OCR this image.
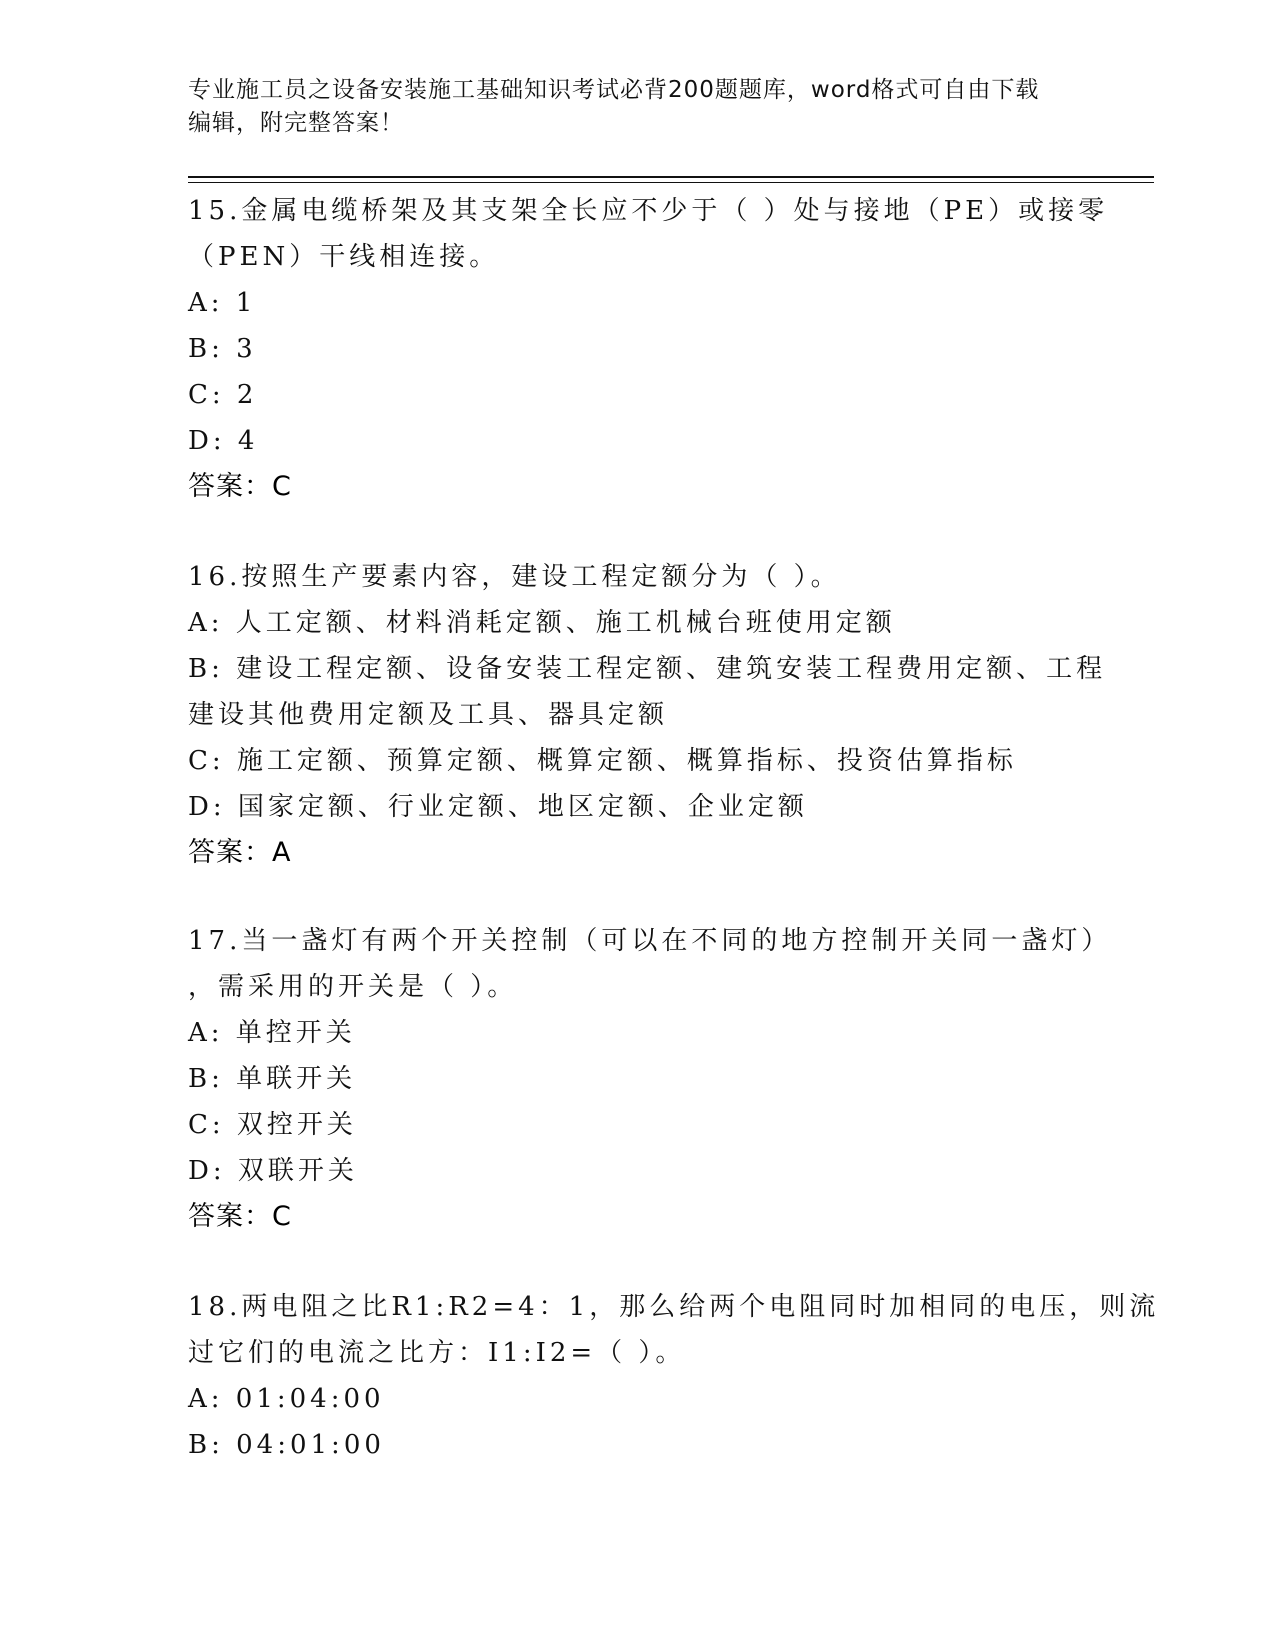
专业施工员之设备安装施工基础知识考试必背200题题库，word格式可自由下载
编辑，附完整答案！
15.金属电缆桥架及其支架全长应不少于（ ）处与接地（PE）或接零
（PEN）干线相连接。
A: 1
B: 3
C: 2
D: 4
答案：C
16.按照生产要素内容，建设工程定额分为（ ）。
A: 人工定额、材料消耗定额、施工机械台班使用定额
B: 建设工程定额、设备安装工程定额、建筑安装工程费用定额、工程
建设其他费用定额及工具、器具定额
C: 施工定额、预算定额、概算定额、概算指标、投资估算指标
D: 国家定额、行业定额、地区定额、企业定额
答案：A
17.当一盏灯有两个开关控制（可以在不同的地方控制开关同一盏灯）
，需采用的开关是（ ）。
A: 单控开关
B: 单联开关
C: 双控开关
D: 双联开关
答案：C
18.两电阻之比R1:R2=4：1，那么给两个电阻同时加相同的电压，则流
过它们的电流之比方：I1:I2=（ ）。
A: 01:04:00
B: 04:01:00
